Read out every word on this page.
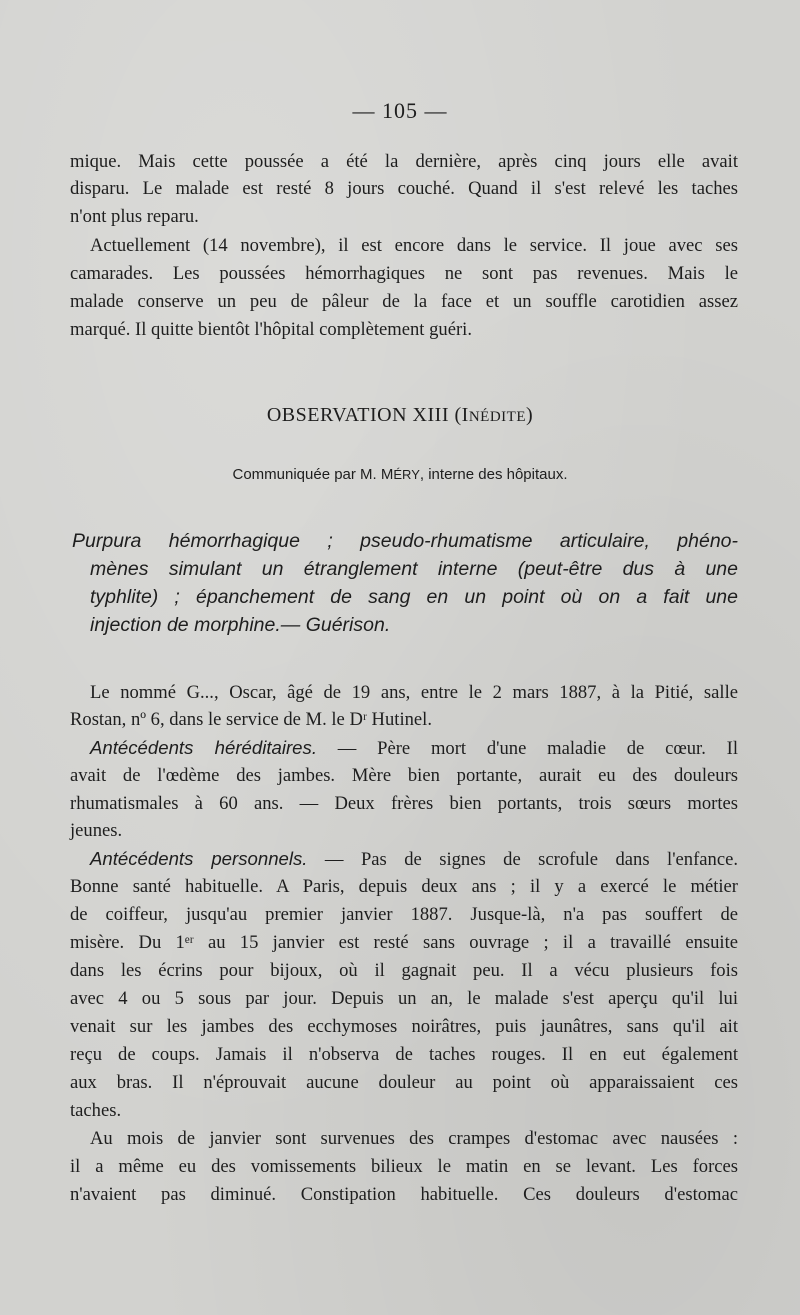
— 105 —
mique. Mais cette poussée a été la dernière, après cinq jours elle avait
disparu. Le malade est resté 8 jours couché. Quand il s'est relevé les taches
n'ont plus reparu.
Actuellement (14 novembre), il est encore dans le service. Il joue avec ses
camarades. Les poussées hémorrhagiques ne sont pas revenues. Mais le
malade conserve un peu de pâleur de la face et un souffle carotidien assez
marqué. Il quitte bientôt l'hôpital complètement guéri.
OBSERVATION XIII (INÉDITE)
Communiquée par M. MÉRY, interne des hôpitaux.
Purpura hémorrhagique ; pseudo-rhumatisme articulaire, phéno-
mènes simulant un étranglement interne (peut-être dus à une
typhlite) ; épanchement de sang en un point où on a fait une
injection de morphine.— Guérison.
Le nommé G..., Oscar, âgé de 19 ans, entre le 2 mars 1887, à la Pitié, salle
Rostan, nº 6, dans le service de M. le Dʳ Hutinel.
Antécédents héréditaires. — Père mort d'une maladie de cœur. Il
avait de l'œdème des jambes. Mère bien portante, aurait eu des douleurs
rhumatismales à 60 ans. — Deux frères bien portants, trois sœurs mortes
jeunes.
Antécédents personnels. — Pas de signes de scrofule dans l'enfance.
Bonne santé habituelle. A Paris, depuis deux ans ; il y a exercé le métier
de coiffeur, jusqu'au premier janvier 1887. Jusque-là, n'a pas souffert de
misère. Du 1ᵉʳ au 15 janvier est resté sans ouvrage ; il a travaillé ensuite
dans les écrins pour bijoux, où il gagnait peu. Il a vécu plusieurs fois
avec 4 ou 5 sous par jour. Depuis un an, le malade s'est aperçu qu'il lui
venait sur les jambes des ecchymoses noirâtres, puis jaunâtres, sans qu'il ait
reçu de coups. Jamais il n'observa de taches rouges. Il en eut également
aux bras. Il n'éprouvait aucune douleur au point où apparaissaient ces
taches.
Au mois de janvier sont survenues des crampes d'estomac avec nausées :
il a même eu des vomissements bilieux le matin en se levant. Les forces
n'avaient pas diminué. Constipation habituelle. Ces douleurs d'estomac
